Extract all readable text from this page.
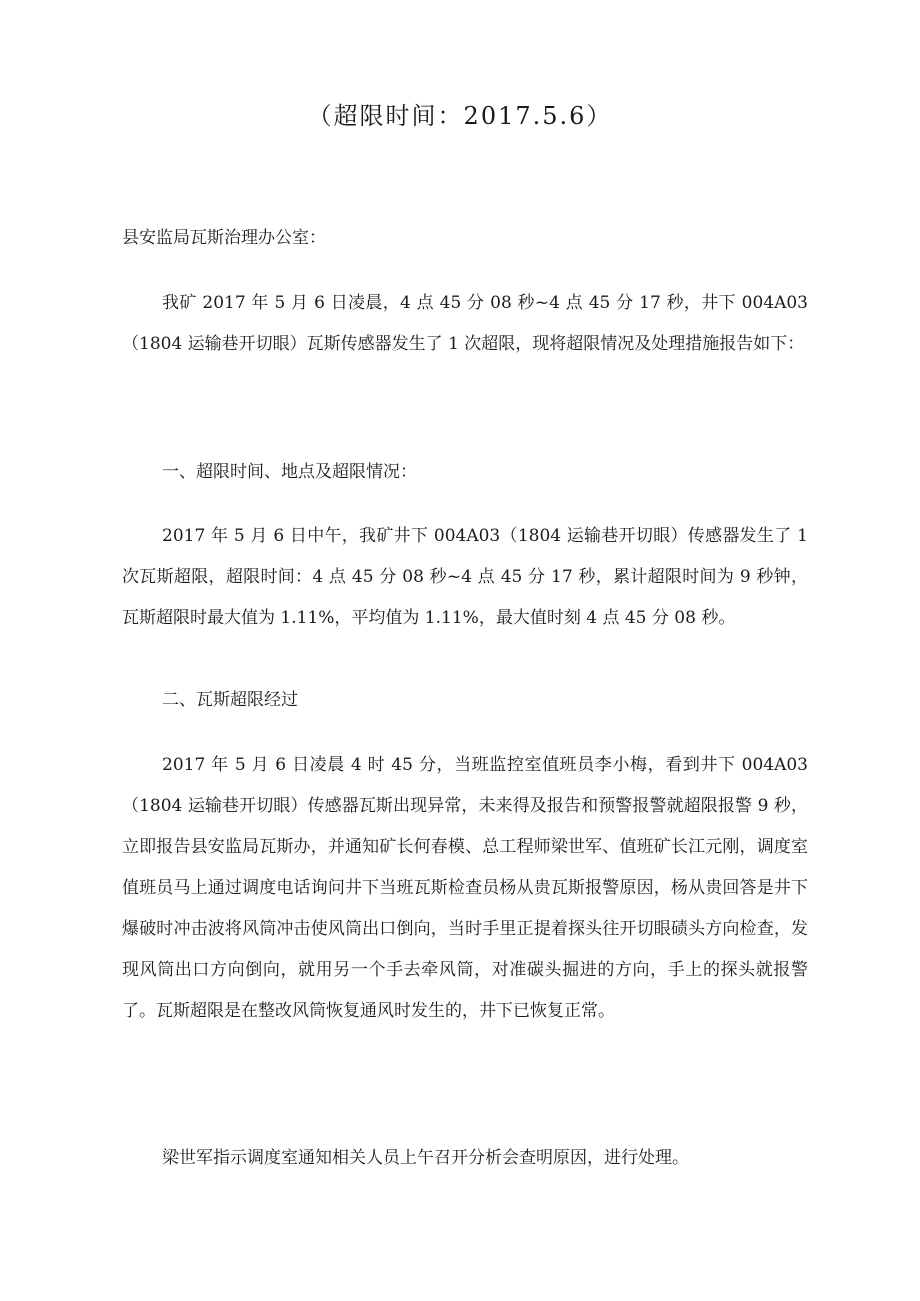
（超限时间：2017.5.6）

县安监局瓦斯治理办公室：

我矿 2017 年 5 月 6 日凌晨，4 点 45 分 08 秒~4 点 45 分 17 秒，井下 004A03（1804 运输巷开切眼）瓦斯传感器发生了 1 次超限，现将超限情况及处理措施报告如下：

一、超限时间、地点及超限情况：

2017 年 5 月 6 日中午，我矿井下 004A03（1804 运输巷开切眼）传感器发生了 1 次瓦斯超限，超限时间：4 点 45 分 08 秒~4 点 45 分 17 秒，累计超限时间为 9 秒钟，瓦斯超限时最大值为 1.11%，平均值为 1.11%，最大值时刻 4 点 45 分 08 秒。

二、瓦斯超限经过

2017 年 5 月 6 日凌晨 4 时 45 分，当班监控室值班员李小梅，看到井下 004A03（1804 运输巷开切眼）传感器瓦斯出现异常，未来得及报告和预警报警就超限报警 9 秒，立即报告县安监局瓦斯办，并通知矿长何春模、总工程师梁世军、值班矿长江元刚，调度室值班员马上通过调度电话询问井下当班瓦斯检查员杨从贵瓦斯报警原因，杨从贵回答是井下爆破时冲击波将风筒冲击使风筒出口倒向，当时手里正提着探头往开切眼碛头方向检查，发现风筒出口方向倒向，就用另一个手去牵风筒，对准碳头掘进的方向，手上的探头就报警了。瓦斯超限是在整改风筒恢复通风时发生的，井下已恢复正常。

梁世军指示调度室通知相关人员上午召开分析会查明原因，进行处理。
